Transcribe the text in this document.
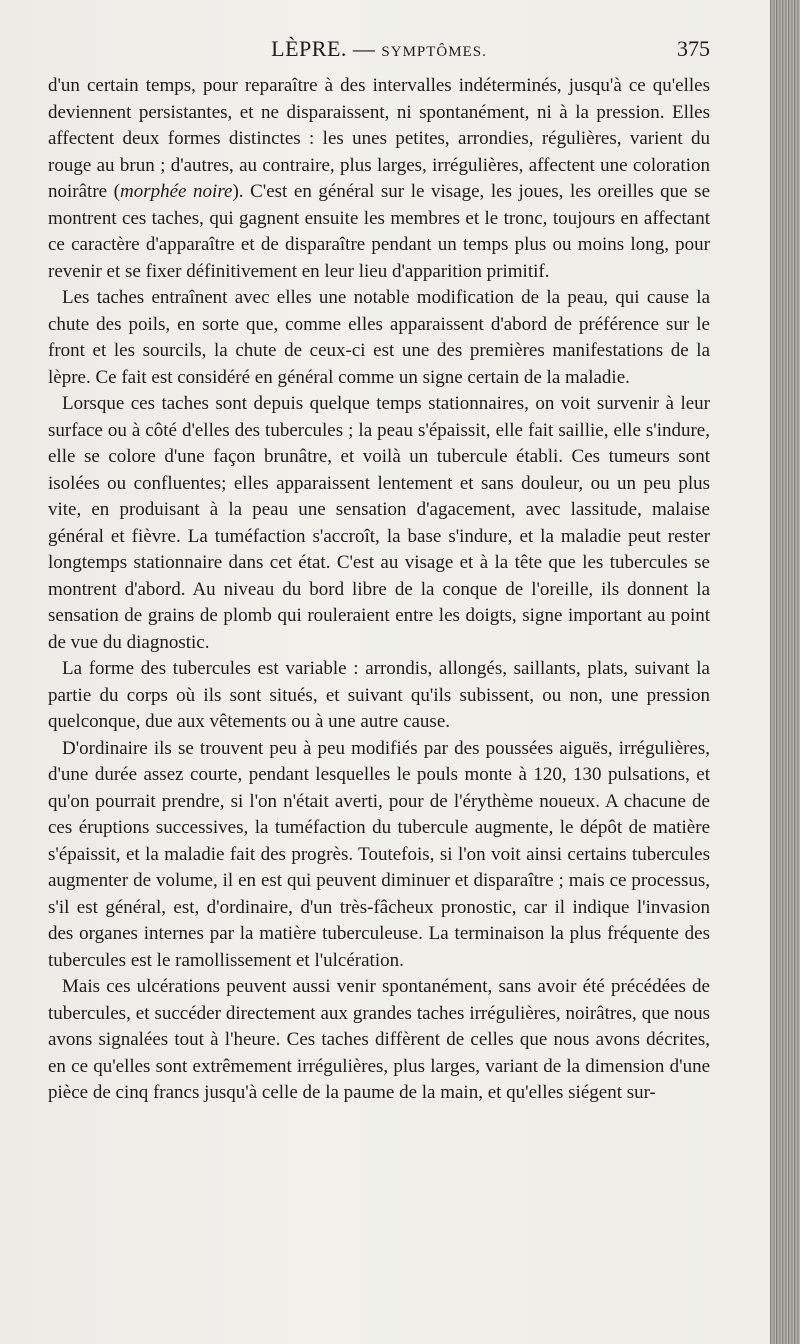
LÈPRE. — SYMPTÔMES.	375

d'un certain temps, pour reparaître à des intervalles indéterminés, jusqu'à ce qu'elles deviennent persistantes, et ne disparaissent, ni spontanément, ni à la pression. Elles affectent deux formes distinctes : les unes petites, arrondies, régulières, varient du rouge au brun ; d'autres, au contraire, plus larges, irrégulières, affectent une coloration noirâtre (morphée noire). C'est en général sur le visage, les joues, les oreilles que se montrent ces taches, qui gagnent ensuite les membres et le tronc, toujours en affectant ce caractère d'apparaître et de disparaître pendant un temps plus ou moins long, pour revenir et se fixer définitivement en leur lieu d'apparition primitif.

Les taches entraînent avec elles une notable modification de la peau, qui cause la chute des poils, en sorte que, comme elles apparaissent d'abord de préférence sur le front et les sourcils, la chute de ceux-ci est une des premières manifestations de la lèpre. Ce fait est considéré en général comme un signe certain de la maladie.

Lorsque ces taches sont depuis quelque temps stationnaires, on voit survenir à leur surface ou à côté d'elles des tubercules ; la peau s'épaissit, elle fait saillie, elle s'indure, elle se colore d'une façon brunâtre, et voilà un tubercule établi. Ces tumeurs sont isolées ou confluentes; elles apparaissent lentement et sans douleur, ou un peu plus vite, en produisant à la peau une sensation d'agacement, avec lassitude, malaise général et fièvre. La tuméfaction s'accroît, la base s'indure, et la maladie peut rester longtemps stationnaire dans cet état. C'est au visage et à la tête que les tubercules se montrent d'abord. Au niveau du bord libre de la conque de l'oreille, ils donnent la sensation de grains de plomb qui rouleraient entre les doigts, signe important au point de vue du diagnostic.

La forme des tubercules est variable : arrondis, allongés, saillants, plats, suivant la partie du corps où ils sont situés, et suivant qu'ils subissent, ou non, une pression quelconque, due aux vêtements ou à une autre cause.

D'ordinaire ils se trouvent peu à peu modifiés par des poussées aiguës, irrégulières, d'une durée assez courte, pendant lesquelles le pouls monte à 120, 130 pulsations, et qu'on pourrait prendre, si l'on n'était averti, pour de l'érythème noueux. A chacune de ces éruptions successives, la tuméfaction du tubercule augmente, le dépôt de matière s'épaissit, et la maladie fait des progrès. Toutefois, si l'on voit ainsi certains tubercules augmenter de volume, il en est qui peuvent diminuer et disparaître ; mais ce processus, s'il est général, est, d'ordinaire, d'un très-fâcheux pronostic, car il indique l'invasion des organes internes par la matière tuberculeuse. La terminaison la plus fréquente des tubercules est le ramollissement et l'ulcération.

Mais ces ulcérations peuvent aussi venir spontanément, sans avoir été précédées de tubercules, et succéder directement aux grandes taches irrégulières, noirâtres, que nous avons signalées tout à l'heure. Ces taches diffèrent de celles que nous avons décrites, en ce qu'elles sont extrêmement irrégulières, plus larges, variant de la dimension d'une pièce de cinq francs jusqu'à celle de la paume de la main, et qu'elles siégent sur-
